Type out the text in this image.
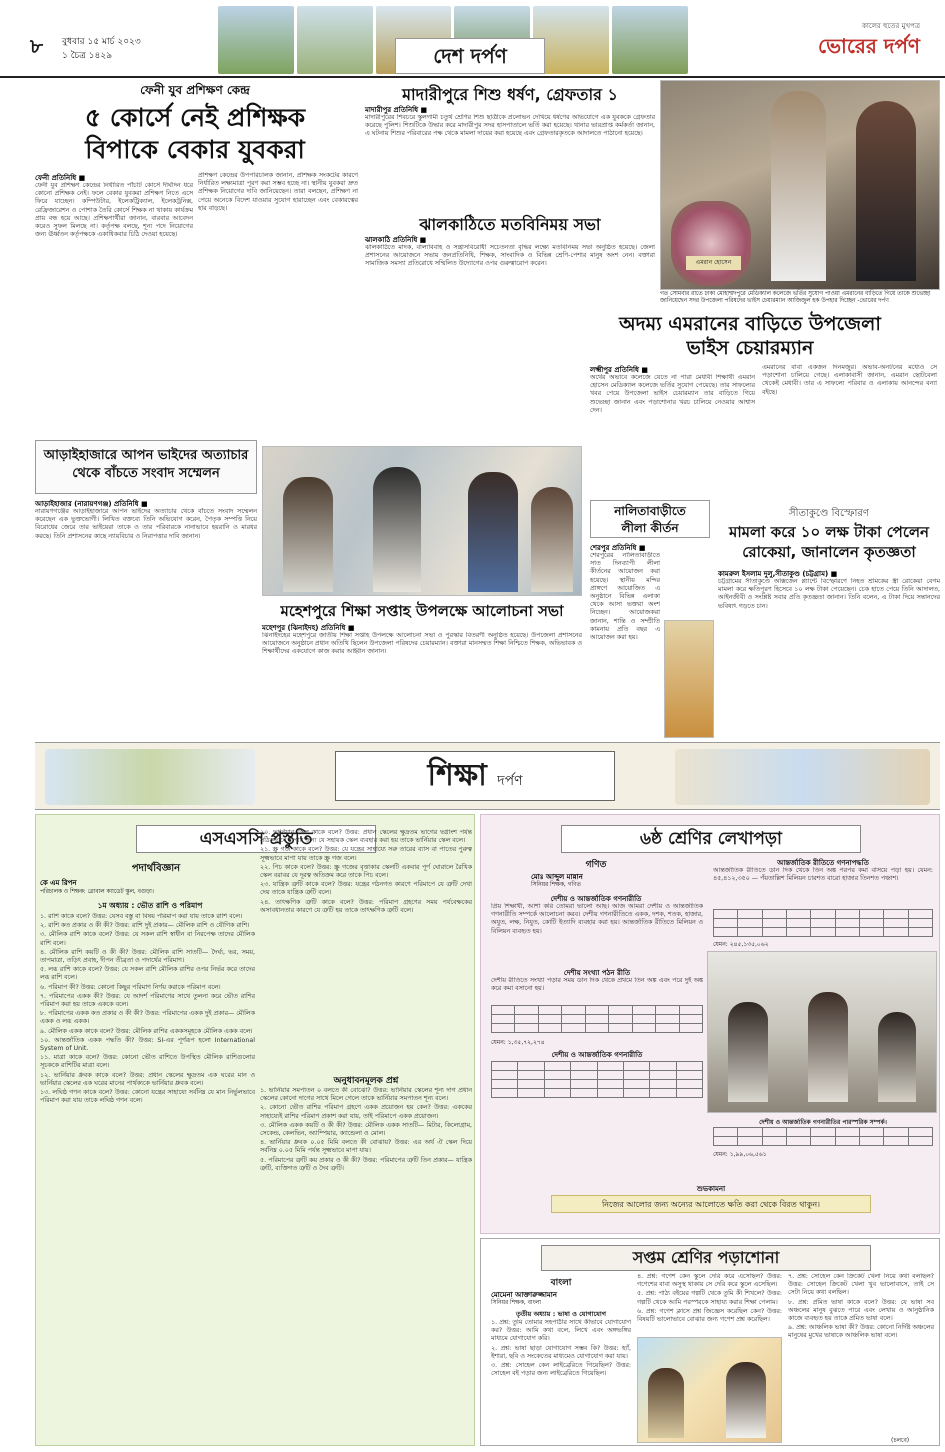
৮ বুধবার ১৫ মার্চ ২০২৩
১ চৈত্র ১৪২৯	দেশ দর্পণ
কালের হুতের মুখপত্র
ভোরের দর্পণ
ফেনী যুব প্রশিক্ষণ কেন্দ্র
৫ কোর্সে নেই প্রশিক্ষক
বিপাকে বেকার যুবকরা
ফেনী প্রতিনিধি ■
ফেনী যুব প্রশিক্ষণ কেন্দ্রের নির্ধারিত পাঁচটি কোর্সে দীর্ঘদিন ধরে কোনো প্রশিক্ষক নেই। ফলে বেকার যুবকরা প্রশিক্ষণ নিতে এসে ফিরে যাচ্ছেন। কম্পিউটার, ইলেকট্রিক্যাল, ইলেকট্রনিক্স, রেফ্রিজারেশন ও পোশাক তৈরি কোর্সে শিক্ষক না থাকায় কার্যক্রম প্রায় বন্ধ হয়ে আছে। প্রশিক্ষণার্থীরা জানান, বারবার আবেদন করেও সুফল মিলছে না। কর্তৃপক্ষ বলছে, শূন্য পদে নিয়োগের জন্য ঊর্ধ্বতন কর্তৃপক্ষকে একাধিকবার চিঠি দেওয়া হয়েছে।
প্রশিক্ষণ কেন্দ্রের উপপরিচালক জানান, প্রশিক্ষক সংকটের কারণে নির্ধারিত লক্ষ্যমাত্রা পূরণ করা সম্ভব হচ্ছে না। স্থানীয় যুবকরা দ্রুত প্রশিক্ষক নিয়োগের দাবি জানিয়েছেন। তারা বলছেন, প্রশিক্ষণ না পেয়ে অনেকে বিদেশ যাওয়ার সুযোগ হারাচ্ছেন এবং বেকারত্বের হার বাড়ছে।
মাদারীপুরে শিশু ধর্ষণ, গ্রেফতার ১
মাদারীপুর প্রতিনিধি ■
মাদারীপুরের শিবচরে স্কুলগামী চতুর্থ শ্রেণির শিশু ছাত্রীকে প্রলোভন দেখিয়ে ধর্ষণের অভিযোগে এক যুবককে গ্রেফতার করেছে পুলিশ। শিশুটিকে উদ্ধার করে মাদারীপুর সদর হাসপাতালে ভর্তি করা হয়েছে। থানার ভারপ্রাপ্ত কর্মকর্তা জানান, এ ঘটনায় শিশুর পরিবারের পক্ষ থেকে মামলা দায়ের করা হয়েছে এবং গ্রেফতারকৃতকে আদালতে পাঠানো হয়েছে।
ঝালকাঠিতে মতবিনিময় সভা
ঝালকাঠি প্রতিনিধি ■
ঝালকাঠিতে মাদক, বাল্যবিবাহ ও সন্ত্রাসবিরোধী সচেতনতা বৃদ্ধির লক্ষ্যে মতবিনিময় সভা অনুষ্ঠিত হয়েছে। জেলা প্রশাসনের আয়োজনে সভায় জনপ্রতিনিধি, শিক্ষক, সাংবাদিক ও বিভিন্ন শ্রেণি-পেশার মানুষ অংশ নেন। বক্তারা সামাজিক সমস্যা প্রতিরোধে সম্মিলিত উদ্যোগের ওপর গুরুত্বারোপ করেন।	এমরান হোসেন
গত সোমবার রাতে ঢাকা মোহাম্মদপুরে মেডিক্যাল কলেজে ভর্তির সুযোগ পাওয়া এমরানের বাড়িতে গিয়ে তাকে শুভেচ্ছা জানিয়েছেন সদর উপজেলা পরিষদের ভাইস চেয়ারম্যান আজিজুল হক উপহার দিচ্ছেন -ভোরের দর্পণ
অদম্য এমরানের বাড়িতে উপজেলা
ভাইস চেয়ারম্যান
লক্ষ্মীপুর প্রতিনিধি ■
অর্থের অভাবে কলেজে যেতে না পারা মেধাবী শিক্ষার্থী এমরান হোসেন মেডিক্যাল কলেজে ভর্তির সুযোগ পেয়েছে। তার সাফল্যের খবর পেয়ে উপজেলা ভাইস চেয়ারম্যান তার বাড়িতে গিয়ে শুভেচ্ছা জানান এবং পড়াশোনার খরচ চালিয়ে নেওয়ার আশ্বাস দেন।
এমরানের বাবা একজন দিনমজুর। অভাব-অনটনের মধ্যেও সে পড়াশোনা চালিয়ে গেছে। এলাকাবাসী জানান, এমরান ছোটবেলা থেকেই মেধাবী। তার এ সাফল্যে পরিবার ও এলাকায় আনন্দের বন্যা বইছে।
আড়াইহাজারে আপন ভাইদের অত্যাচার
থেকে বাঁচতে সংবাদ সম্মেলন
আড়াইহাজার (নারায়ণগঞ্জ) প্রতিনিধি ■
নারায়ণগঞ্জের আড়াইহাজারে আপন ভাইদের অত্যাচার থেকে বাঁচতে সংবাদ সম্মেলন করেছেন এক ভুক্তভোগী। লিখিত বক্তব্যে তিনি অভিযোগ করেন, পৈতৃক সম্পত্তি নিয়ে বিরোধের জেরে তার ভাইয়েরা তাকে ও তার পরিবারকে নানাভাবে হয়রানি ও মারধর করছে। তিনি প্রশাসনের কাছে ন্যায়বিচার ও নিরাপত্তার দাবি জানান।
মহেশপুরে শিক্ষা সপ্তাহ উপলক্ষে আলোচনা সভা
মহেশপুর (ঝিনাইদহ) প্রতিনিধি ■
ঝিনাইদহের মহেশপুরে জাতীয় শিক্ষা সপ্তাহ উপলক্ষে আলোচনা সভা ও পুরস্কার বিতরণী অনুষ্ঠিত হয়েছে। উপজেলা প্রশাসনের আয়োজনে অনুষ্ঠানে প্রধান অতিথি ছিলেন উপজেলা পরিষদের চেয়ারম্যান। বক্তারা মানসম্মত শিক্ষা নিশ্চিতে শিক্ষক, অভিভাবক ও শিক্ষার্থীদের একযোগে কাজ করার আহ্বান জানান।
নালিতাবাড়ীতে
লীলা কীর্তন
শেরপুর প্রতিনিধি ■
শেরপুরের নালিতাবাড়ীতে সাত দিনব্যাপী লীলা কীর্তনের আয়োজন করা হয়েছে। স্থানীয় মন্দির প্রাঙ্গণে আয়োজিত এ অনুষ্ঠানে বিভিন্ন এলাকা থেকে আসা ভক্তরা অংশ নিচ্ছেন। আয়োজকরা জানান, শান্তি ও সম্প্রীতি কামনায় প্রতি বছর এ আয়োজন করা হয়।
সীতাকুণ্ডে বিস্ফোরণ
মামলা করে ১০ লক্ষ টাকা পেলেন
রোকেয়া, জানালেন কৃতজ্ঞতা
কামরুল ইসলাম দুলু,সীতাকুণ্ড (চট্টগ্রাম) ■
চট্টগ্রামের সীতাকুণ্ডে অক্সিজেন প্ল্যান্টে বিস্ফোরণে নিহত শ্রমিকের স্ত্রী রোকেয়া বেগম মামলা করে ক্ষতিপূরণ হিসেবে ১০ লক্ষ টাকা পেয়েছেন। চেক হাতে পেয়ে তিনি আদালত, আইনজীবী ও সংশ্লিষ্ট সবার প্রতি কৃতজ্ঞতা জানান। তিনি বলেন, এ টাকা দিয়ে সন্তানদের ভবিষ্যৎ গড়তে চান।
শিক্ষা দর্পণ
এসএসসি প্রস্তুতি
পদার্থবিজ্ঞান
কে এম রিপন
পরিচালক ও শিক্ষক: গ্লোবাল ক্যাডেট স্কুল, বগুড়া।
১ম অধ্যায় : ভৌত রাশি ও পরিমাপ
১. রাশি কাকে বলে? উত্তর: যেসব বস্তু বা বিষয় পরিমাপ করা যায় তাকে রাশি বলে।
২. রাশি কত প্রকার ও কী কী? উত্তর: রাশি দুই প্রকার— মৌলিক রাশি ও যৌগিক রাশি।
৩. মৌলিক রাশি কাকে বলে? উত্তর: যে সকল রাশি স্বাধীন বা নিরপেক্ষ তাদের মৌলিক রাশি বলে।
৪. মৌলিক রাশি কয়টি ও কী কী? উত্তর: মৌলিক রাশি সাতটি— দৈর্ঘ্য, ভর, সময়, তাপমাত্রা, তড়িৎ প্রবাহ, দীপন তীব্রতা ও পদার্থের পরিমাণ।
৫. লব্ধ রাশি কাকে বলে? উত্তর: যে সকল রাশি মৌলিক রাশির ওপর নির্ভর করে তাদের লব্ধ রাশি বলে।
৬. পরিমাপ কী? উত্তর: কোনো কিছুর পরিমাণ নির্ণয় করাকে পরিমাপ বলে।
৭. পরিমাপের একক কী? উত্তর: যে আদর্শ পরিমাণের সাথে তুলনা করে ভৌত রাশির পরিমাপ করা হয় তাকে এককে বলে।
৮. পরিমাপের একক কত প্রকার ও কী কী? উত্তর: পরিমাপের একক দুই প্রকার— মৌলিক একক ও লব্ধ একক।
৯. মৌলিক একক কাকে বলে? উত্তর: মৌলিক রাশির এককসমূহকে মৌলিক একক বলে।
১০. আন্তর্জাতিক একক পদ্ধতি কী? উত্তর: SI-এর পূর্ণরূপ হলো International System of Unit.
১১. মাত্রা কাকে বলে? উত্তর: কোনো ভৌত রাশিতে উপস্থিত মৌলিক রাশিগুলোর সূচককে রাশিটির মাত্রা বলে।
১২. ভার্নিয়ার ধ্রুবক কাকে বলে? উত্তর: প্রধান স্কেলের ক্ষুদ্রতম এক ঘরের মান ও ভার্নিয়ার স্কেলের এক ঘরের মানের পার্থক্যকে ভার্নিয়ার ধ্রুবক বলে।
১৩. লঘিষ্ঠ গণন কাকে বলে? উত্তর: কোনো যন্ত্রের সাহায্যে সর্বনিম্ন যে মান নির্ভুলভাবে পরিমাপ করা যায় তাকে লঘিষ্ঠ গণন বলে।
২০. ভার্নিয়ার স্কেল কাকে বলে? উত্তর: প্রধান স্কেলের ক্ষুদ্রতম ভাগের ভগ্নাংশ পর্যন্ত সঠিকভাবে মাপার জন্য যে সহায়ক স্কেল ব্যবহার করা হয় তাকে ভার্নিয়ার স্কেল বলে।
২১. স্ক্রু গজ কাকে বলে? উত্তর: যে যন্ত্রের সাহায্যে সরু তারের ব্যাস বা পাতের পুরুত্ব সূক্ষ্মভাবে মাপা যায় তাকে স্ক্রু গজ বলে।
২২. পিচ কাকে বলে? উত্তর: স্ক্রু গজের বৃত্তাকার স্কেলটি একবার পূর্ণ ঘোরালে রৈখিক স্কেল বরাবর যে দূরত্ব অতিক্রম করে তাকে পিচ বলে।
২৩. যান্ত্রিক ত্রুটি কাকে বলে? উত্তর: যন্ত্রের গঠনগত কারণে পরিমাপে যে ত্রুটি দেখা দেয় তাকে যান্ত্রিক ত্রুটি বলে।
২৪. তাৎক্ষণিক ত্রুটি কাকে বলে? উত্তর: পরিমাপ গ্রহণের সময় পর্যবেক্ষকের অসাবধানতার কারণে যে ত্রুটি হয় তাকে তাৎক্ষণিক ত্রুটি বলে।
অনুধাবনমূলক প্রশ্ন
১. ভার্নিয়ার সমপাতন ০ বলতে কী বোঝো? উত্তর: ভার্নিয়ার স্কেলের শূন্য দাগ প্রধান স্কেলের কোনো দাগের সাথে মিলে গেলে তাকে ভার্নিয়ার সমপাতন শূন্য বলে।
২. কোনো ভৌত রাশির পরিমাপ গ্রহণে একক প্রয়োজন হয় কেন? উত্তর: এককের সাহায্যেই রাশির পরিমাণ প্রকাশ করা যায়, তাই পরিমাপে একক প্রয়োজন।
৩. মৌলিক একক কয়টি ও কী কী? উত্তর: মৌলিক একক সাতটি— মিটার, কিলোগ্রাম, সেকেন্ড, কেলভিন, অ্যাম্পিয়ার, ক্যান্ডেলা ও মোল।
৪. ভার্নিয়ার ধ্রুবক ০.০৫ মিমি বলতে কী বোঝায়? উত্তর: এর অর্থ ঐ স্কেল দিয়ে সর্বনিম্ন ০.০৫ মিমি পর্যন্ত সূক্ষ্মভাবে মাপা যায়।
৫. পরিমাপের ত্রুটি কয় প্রকার ও কী কী? উত্তর: পরিমাপের ত্রুটি তিন প্রকার— যান্ত্রিক ত্রুটি, ব্যক্তিগত ত্রুটি ও দৈব ত্রুটি।
৬ষ্ঠ শ্রেণির লেখাপড়া
গণিত
মোঃ আব্দুল মান্নান
সিনিয়র শিক্ষক, গণিত
দেশীয় ও আন্তর্জাতিক গণনারীতি
প্রিয় শিক্ষার্থী, আশা করি তোমরা ভালো আছ। আজ আমরা দেশীয় ও আন্তর্জাতিক গণনারীতি সম্পর্কে আলোচনা করব। দেশীয় গণনারীতিতে একক, দশক, শতক, হাজার, অযুত, লক্ষ, নিযুত, কোটি ইত্যাদি ব্যবহার করা হয়। আন্তর্জাতিক রীতিতে মিলিয়ন ও বিলিয়ন ব্যবহৃত হয়।
দেশীয় সংখ্যা পঠন রীতি
দেশীয় রীতিতে সংখ্যা পড়ার সময় ডান দিক থেকে প্রথমে তিন অঙ্ক এবং পরে দুই অঙ্ক করে কমা বসানো হয়।

যেমন: ১,৩৫,৭২,২৭৪
দেশীয় ও আন্তর্জাতিক গণনারীতি

আন্তর্জাতিক রীতিতে গণনাপদ্ধতি
আন্তর্জাতিক রীতিতে ডান দিক থেকে তিন অঙ্ক পরপর কমা বসিয়ে পড়া হয়। যেমন: ৪৫,৪১২,৩৫০ — পঁয়তাল্লিশ মিলিয়ন চারশত বারো হাজার তিনশত পঞ্চাশ।

যেমন: ২৪৫,১৩৫,০৬২
দেশীয় ও আন্তর্জাতিক গণনারীতির পারস্পরিক সম্পর্ক।

যেমন: ১,৯৯,০৬,৫৬১
শুভকামনা
নিজের আলোর জন্য অন্যের আলোতে ক্ষতি করা থেকে বিরত থাকুন।
সপ্তম শ্রেণির পড়াশোনা
বাংলা
মোমেনা আক্তারুজ্জামান
সিনিয়র শিক্ষক, বাংলা
তৃতীয় অধ্যায় : ভাষা ও যোগাযোগ
১. প্রশ্ন: তুমি তোমার সহপাঠীর সাথে কীভাবে যোগাযোগ কর? উত্তর: আমি কথা বলে, লিখে এবং অঙ্গভঙ্গির মাধ্যমে যোগাযোগ করি।
২. প্রশ্ন: ভাষা ছাড়া যোগাযোগ সম্ভব কি? উত্তর: হ্যাঁ, ইশারা, ছবি ও সংকেতের মাধ্যমেও যোগাযোগ করা যায়।
৩. প্রশ্ন: সোহেল কেন লাইব্রেরিতে গিয়েছিল? উত্তর: সোহেল বই পড়ার জন্য লাইব্রেরিতে গিয়েছিল।
৪. প্রশ্ন: গণেশ কেন স্কুলে দেরি করে এসেছিল? উত্তর: গণেশের বাবা অসুস্থ থাকায় সে দেরি করে স্কুলে এসেছিল।
৫. প্রশ্ন: পাঠ্য বইয়ের গল্পটি থেকে তুমি কী শিখলে? উত্তর: গল্পটি থেকে আমি পরস্পরকে সাহায্য করার শিক্ষা পেলাম।
৬. প্রশ্ন: গণেশ ক্লাসে প্রশ্ন জিজ্ঞেস করেছিল কেন? উত্তর: বিষয়টি ভালোভাবে বোঝার জন্য গণেশ প্রশ্ন করেছিল।
৭. প্রশ্ন: সোহেল কেন ক্রিকেট খেলা নিয়ে কথা বলছিল? উত্তর: সোহেল ক্রিকেট খেলা খুব ভালোবাসে, তাই সে সেটা নিয়ে কথা বলছিল।
৮. প্রশ্ন: প্রমিত ভাষা কাকে বলে? উত্তর: যে ভাষা সব অঞ্চলের মানুষ বুঝতে পারে এবং লেখায় ও আনুষ্ঠানিক কাজে ব্যবহৃত হয় তাকে প্রমিত ভাষা বলে।
৯. প্রশ্ন: আঞ্চলিক ভাষা কী? উত্তর: কোনো নির্দিষ্ট অঞ্চলের মানুষের মুখের ভাষাকে আঞ্চলিক ভাষা বলে।
(চলবে)
